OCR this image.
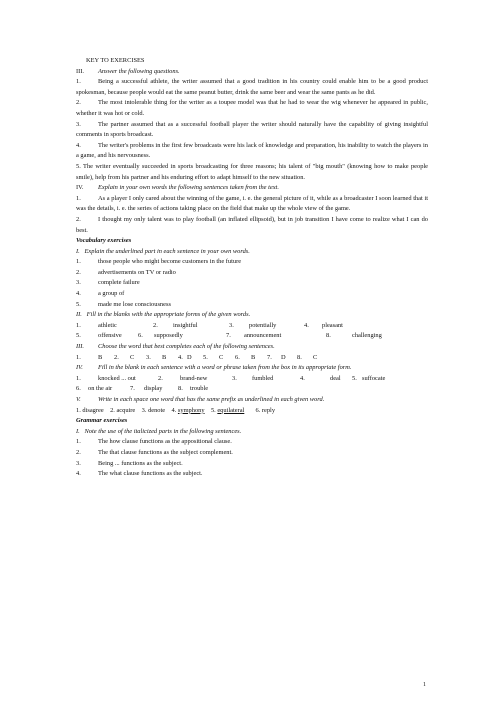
KEY TO EXERCISES
III. Answer the following questions.
1.	Being a successful athlete, the writer assumed that a good tradition in his country could enable him to be a good product spokesman, because people would eat the same peanut butter, drink the same beer and wear the same pants as he did.
2.	The most intolerable thing for the writer as a toupee model was that he had to wear the wig whenever he appeared in public, whether it was hot or cold.
3.	The partner assumed that as a successful football player the writer should naturally have the capability of giving insightful comments in sports broadcast.
4.	The writer's problems in the first few broadcasts were his lack of knowledge and preparation, his inability to watch the players in a game, and his nervousness.
5. The writer eventually succeeded in sports broadcasting for three reasons; his talent of "big mouth" (knowing how to make people smile), help from his partner and his enduring effort to adapt himself to the new situation.
IV. Explain in your own words the following sentences taken from the text.
1.	As a player I only cared about the winning of the game, i. e. the general picture of it, while as a broadcaster I soon learned that it was the details, i. e. the series of actions taking place on the field that make up the whole view of the game.
2.	I thought my only talent was to play football (an inflated ellipsoid), but in job transition I have come to realize what I can do best.
Vocabulary exercises
I. Explain the underlined part in each sentence in your own words.
1.	those people who might become customers in the future
2.	advertisements on TV or radio
3.	complete failure
4.	a group of
5.	made me lose consciousness
II. Fill in the blanks with the appropriate forms of the given words.
1.	athletic	2. insightful	3. potentially	4. pleasant
5.	offensive	6. supposedly	7. announcement	8.	challenging
III. Choose the word that best completes each of the following sentences.
1.	B 2. C 3. B 4. D 5. C 6. B 7. D 8. C
IV. Fill in the blank in each sentence with a word or phrase taken from the box in its appropriate form.
1.	knocked ... out	2.	brand-new	3. fumbled	4.	deal 5. suffocate
6. on the air	7. display 8. trouble
V.	Write in each space one word that has the same prefix as underlined in each given word.
1. disagree 2. acquire 3. denote 4. symphony 5. equilateral 6. reply
Grammar exercises
I. Note the use of the italicized parts in the following sentences.
1.	The how clause functions as the appositional clause.
2.	The that clause functions as the subject complement.
3.	Being ... functions as the subject.
4.	The what clause functions as the subject.
1
